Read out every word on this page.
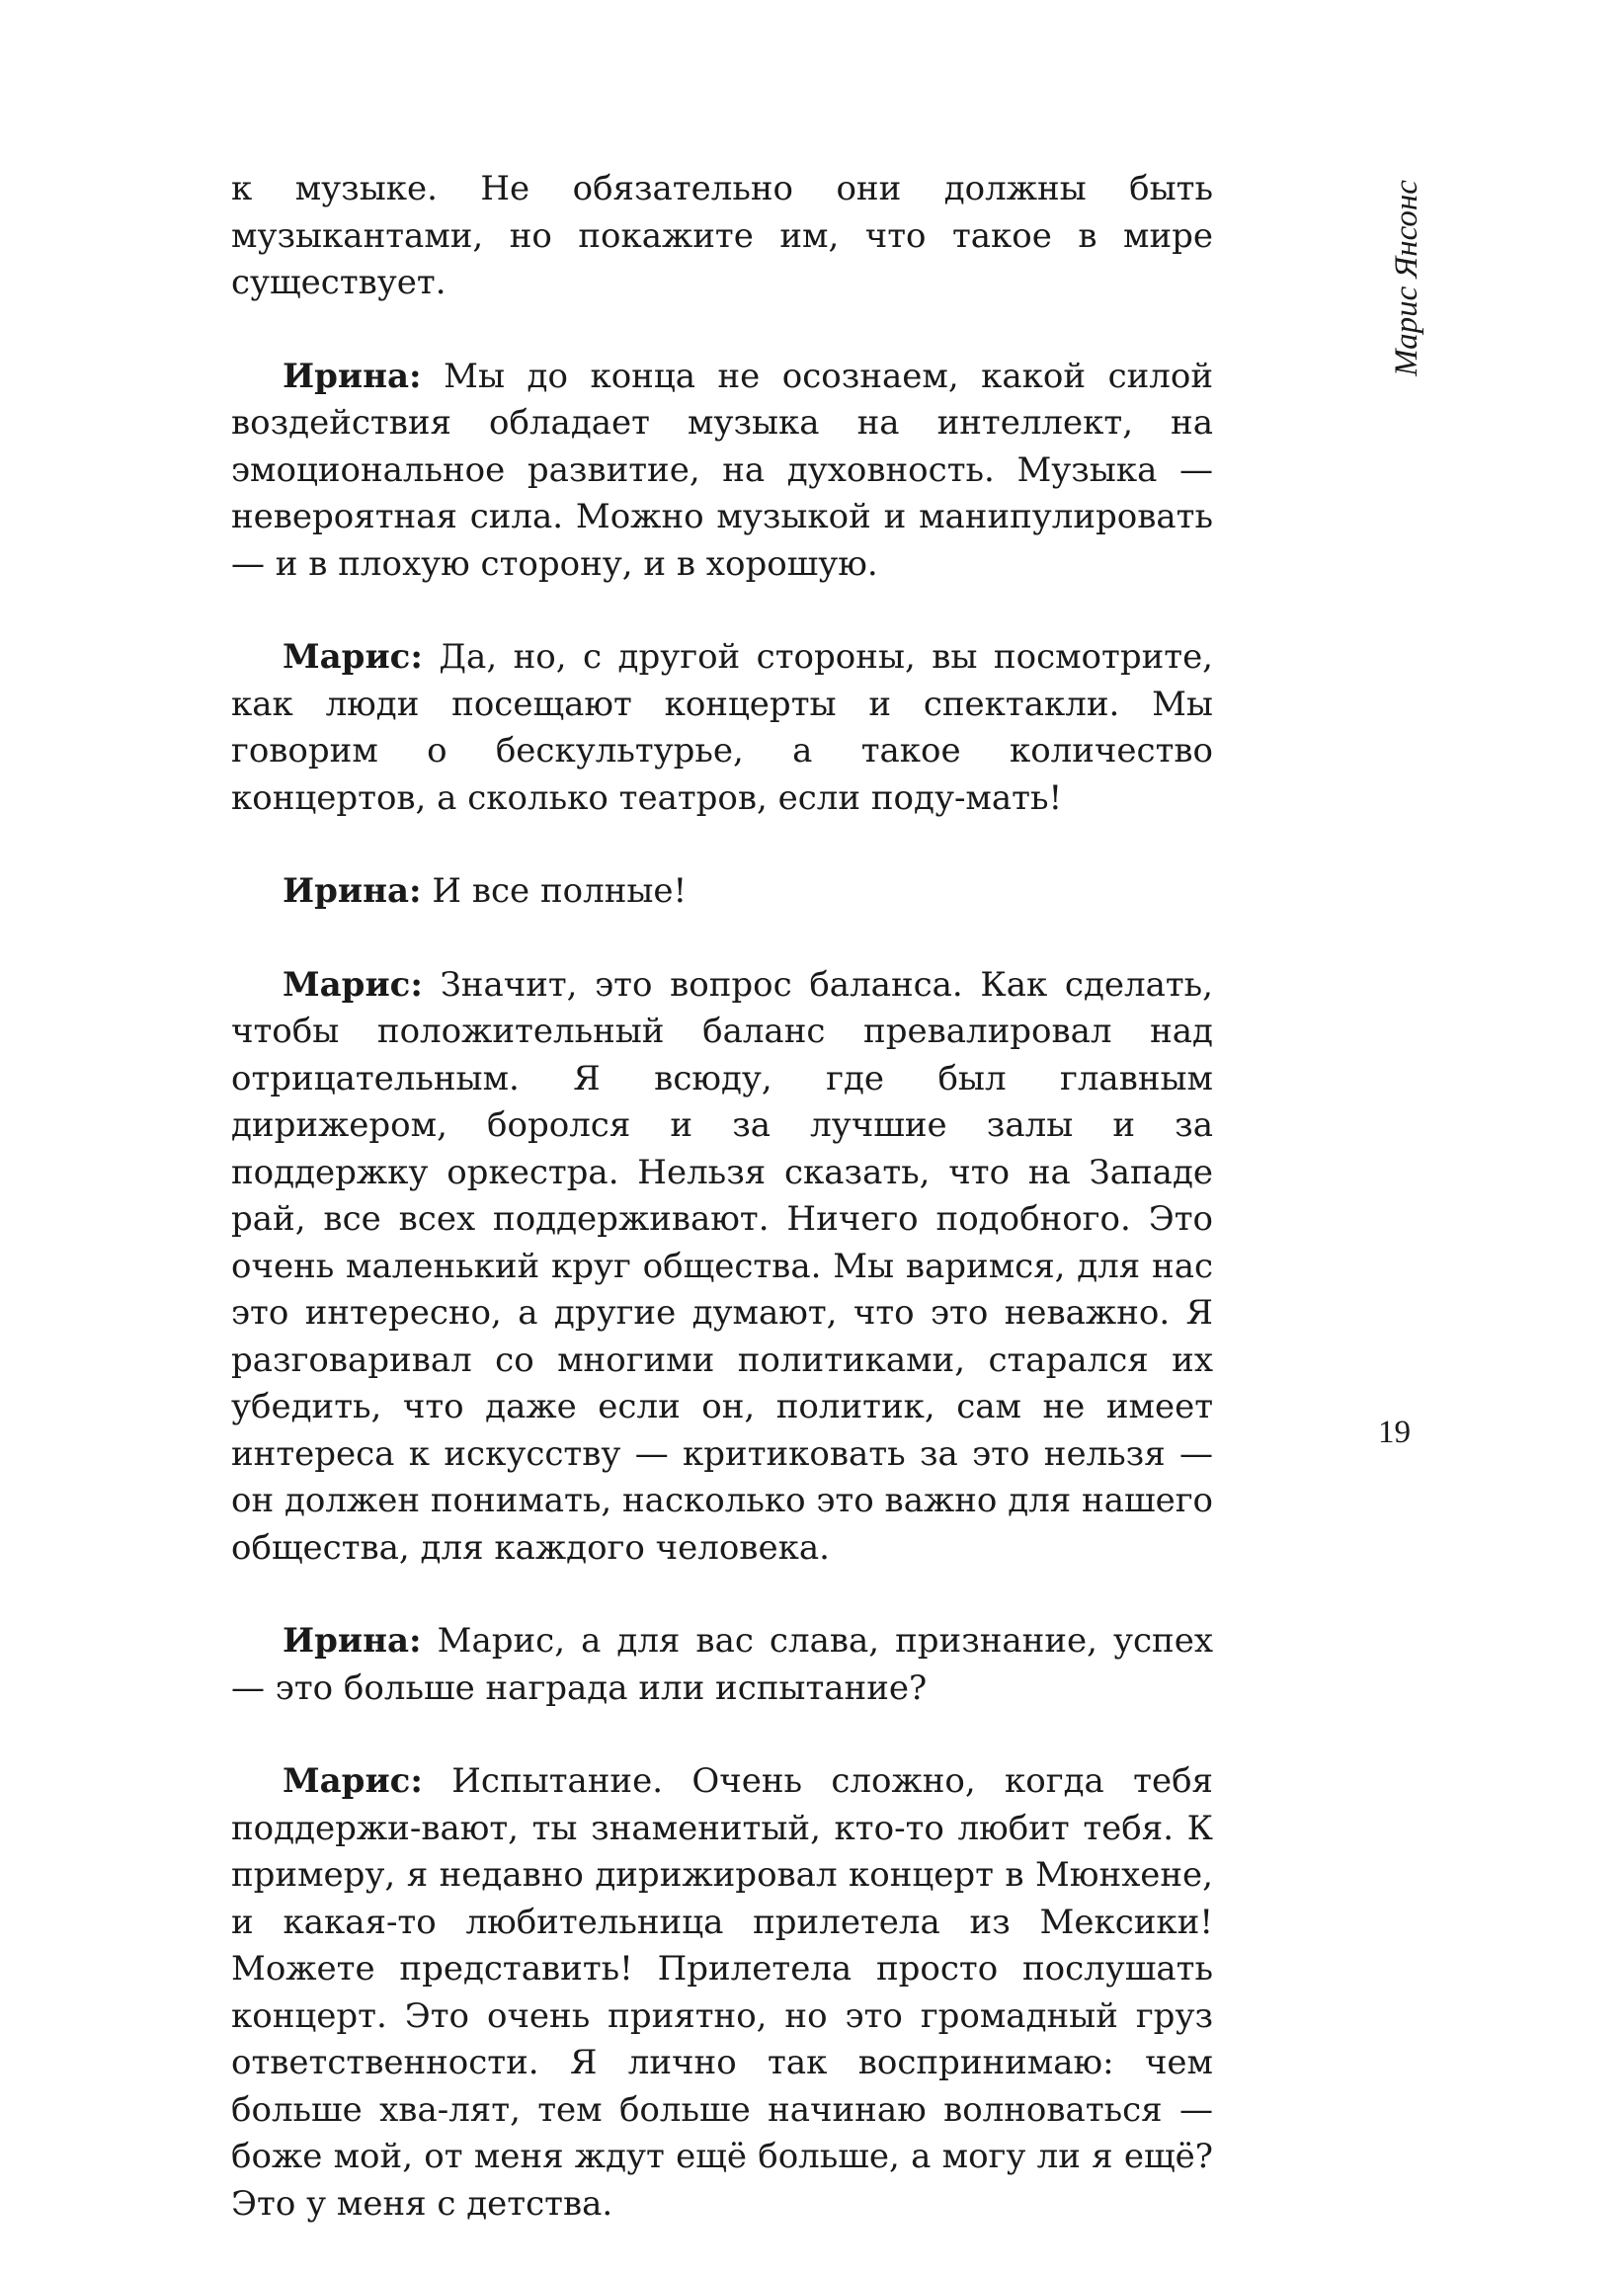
к музыке. Не обязательно они должны быть музыкантами, но покажите им, что такое в мире существует.

Ирина: Мы до конца не осознаем, какой силой воздействия обладает музыка на интеллект, на эмоциональное развитие, на духовность. Музыка — невероятная сила. Можно музыкой и манипулировать — и в плохую сторону, и в хорошую.

Марис: Да, но, с другой стороны, вы посмотрите, как люди посещают концерты и спектакли. Мы говорим о бескультурье, а такое количество концертов, а сколько театров, если поду-мать!

Ирина: И все полные!

Марис: Значит, это вопрос баланса. Как сделать, чтобы положительный баланс превалировал над отрицательным. Я всюду, где был главным дирижером, боролся и за лучшие залы и за поддержку оркестра. Нельзя сказать, что на Западе рай, все всех поддерживают. Ничего подобного. Это очень маленький круг общества. Мы варимся, для нас это интересно, а другие думают, что это неважно. Я разговаривал со многими политиками, старался их убедить, что даже если он, политик, сам не имеет интереса к искусству — критиковать за это нельзя — он должен понимать, насколько это важно для нашего общества, для каждого человека.

Ирина: Марис, а для вас слава, признание, успех — это больше награда или испытание?

Марис: Испытание. Очень сложно, когда тебя поддержи-вают, ты знаменитый, кто-то любит тебя. К примеру, я недавно дирижировал концерт в Мюнхене, и какая-то любительница прилетела из Мексики! Можете представить! Прилетела просто послушать концерт. Это очень приятно, но это громадный груз ответственности. Я лично так воспринимаю: чем больше хва-лят, тем больше начинаю волноваться — боже мой, от меня ждут ещё больше, а могу ли я ещё? Это у меня с детства.

Марис Янсонс
19
